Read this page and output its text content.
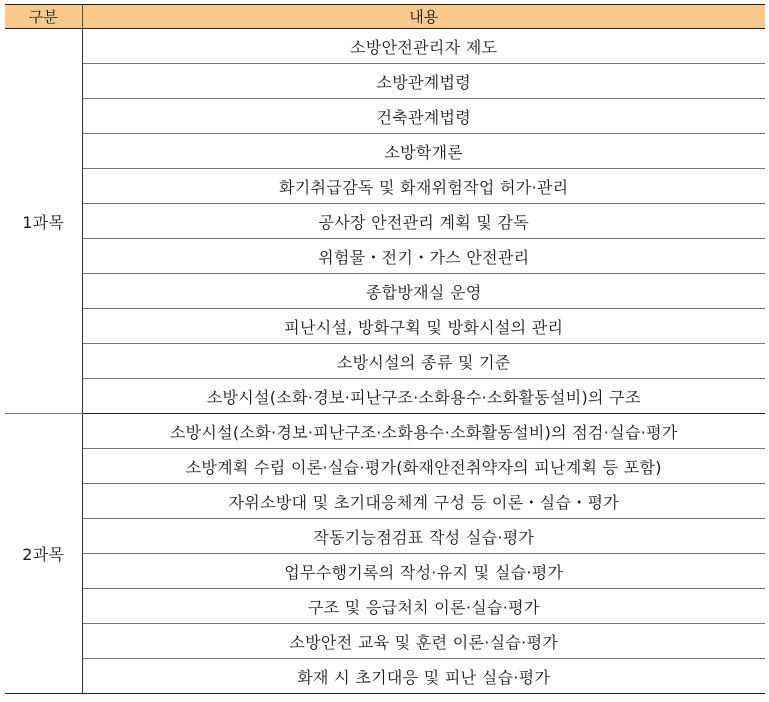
구분	내용
1과목	소방안전관리자 제도
	소방관계법령
	건축관계법령
	소방학개론
	화기취급감독 및 화재위험작업 허가·관리
	공사장 안전관리 계획 및 감독
	위험물・전기・가스 안전관리
	종합방재실 운영
	피난시설, 방화구획 및 방화시설의 관리
	소방시설의 종류 및 기준
	소방시설(소화·경보·피난구조·소화용수·소화활동설비)의 구조
2과목	소방시설(소화·경보·피난구조·소화용수·소화활동설비)의 점검·실습·평가
	소방계획 수립 이론·실습·평가(화재안전취약자의 피난계획 등 포함)
	자위소방대 및 초기대응체계 구성 등 이론・실습・평가
	작동기능점검표 작성 실습·평가
	업무수행기록의 작성·유지 및 실습·평가
	구조 및 응급처치 이론·실습·평가
	소방안전 교육 및 훈련 이론·실습·평가
	화재 시 초기대응 및 피난 실습·평가
